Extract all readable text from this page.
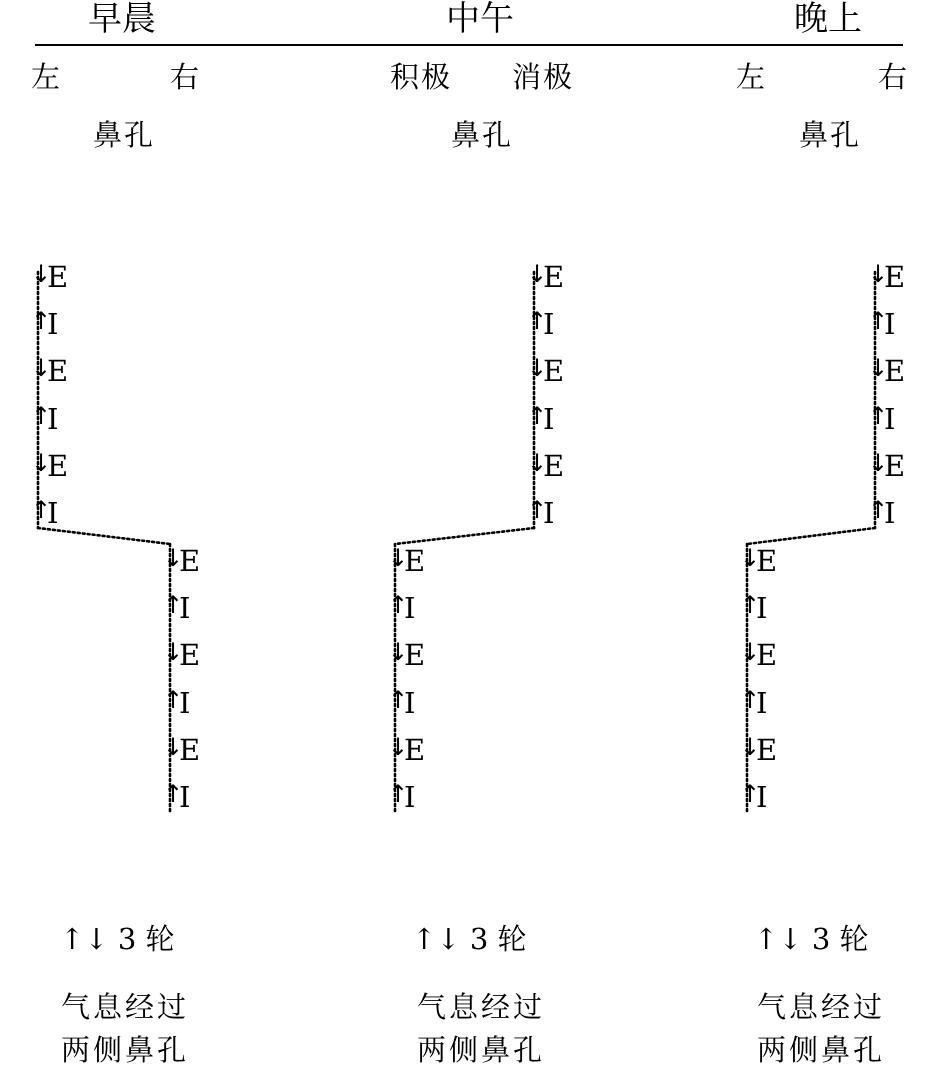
早晨	中午	晚上
左	右	积极 消极	左	右
鼻孔	鼻孔	鼻孔
↓
E
↑
I
↓
E
↑
I
↓
E
↑
I
↓
E
↑
I
↓
E
↑
I
↓
E
↑
I
↓
E
↑
I
↓
E
↑
I
↓
E
↑
I
↓
E
↑
I
↓
E
↑
I
↓
E
↑
I
↓
E
↑
I
↓
E
↑
I
↓
E
↑
I
↓
E
↑
I
↓
E
↑
I
↓
E
↑
I
↑↓ 3 轮	↑↓ 3 轮	↑↓ 3 轮
气息经过
两侧鼻孔
气息经过
两侧鼻孔
气息经过
两侧鼻孔
